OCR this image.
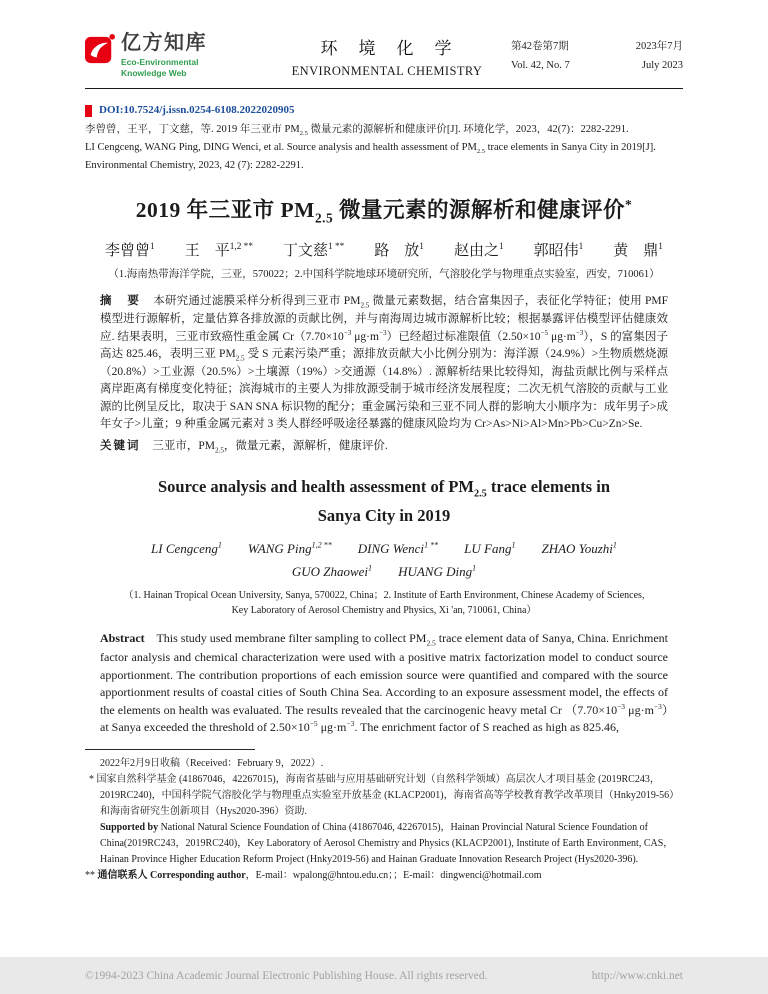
亿方知库
Eco-Environmental
Knowledge Web
环　境　化　学
ENVIRONMENTAL CHEMISTRY
第42卷第7期	2023年7月
Vol. 42, No. 7	July 2023
DOI:10.7524/j.issn.0254-6108.2022020905
李曾曾，王平，丁文慈，等. 2019 年三亚市 $PM_{2.5}$ 微量元素的源解析和健康评价[J]. 环境化学，2023，42(7)：2282-2291.
LI Cengceng, WANG Ping, DING Wenci, et al. Source analysis and health assessment of $PM_{2.5}$ trace elements in Sanya City in 2019[J]. Environmental Chemistry, 2023, 42 (7): 2282-2291.
2019 年三亚市 $PM_{2.5}$ 微量元素的源解析和健康评价*
李曾曾$^1$　　王　平$^{1,2 **}$　　丁文慈$^{1 **}$　　路　放$^1$　　赵由之$^1$　　郭昭伟$^1$　　黄　鼎$^1$
（1.海南热带海洋学院，三亚，570022；2.中国科学院地球环境研究所，气溶胶化学与物理重点实验室，西安，710061）

摘　要 本研究通过滤膜采样分析得到三亚市 $PM_{2.5}$ 微量元素数据，结合富集因子，表征化学特征；使用 PMF 模型进行源解析，定量估算各排放源的贡献比例，并与南海周边城市源解析比较；根据暴露评估模型评估健康效应. 结果表明，三亚市致癌性重金属 $Cr(7.70\times 10^{-3}$ $\mu g\cdot m^{-3}$）已经超过标准限值（$2.50\times 10^{-5}$ $\mu g\cdot m^{-3}$），S 的富集因子高达 825.46，表明三亚 $PM_{2.5}$ 受 S 元素污染严重；源排放贡献大小比例分别为：海洋源（24.9%）>生物质燃烧源（20.8%）>工业源（20.5%）>土壤源（19%）>交通源（14.8%）. 源解析结果比较得知，海盐贡献比例与采样点离岸距离有梯度变化特征；滨海城市的主要人为排放源受制于城市经济发展程度；二次无机气溶胶的贡献与工业源的比例呈反比，取决于 SAN SNA 标识物的配分；重金属污染和三亚不同人群的影响大小顺序为：成年男子>成年女子>儿童；9 种重金属元素对 3 类人群经呼吸途径暴露的健康风险均为 Cr>As>Ni>Al>Mn>Pb>Cu>Zn>Se.

关键词 三亚市，$PM_{2.5}$，微量元素，源解析，健康评价.

Source analysis and health assessment of $PM_{2.5}$ trace elements in
Sanya City in 2019
LI Cengceng$^1$　　WANG Ping$^{1,2 **}$　　DING Wenci$^{1 **}$　　LU Fang$^1$　　ZHAO Youzhi$^1$
GUO Zhaowei$^1$　　HUANG Ding$^1$
（1. Hainan Tropical Ocean University, Sanya, 570022, China；2. Institute of Earth Environment, Chinese Academy of Sciences,
Key Laboratory of Aerosol Chemistry and Physics, Xi 'an, 710061, China）

Abstract This study used membrane filter sampling to collect $PM_{2.5}$ trace element data of Sanya, China. Enrichment factor analysis and chemical characterization were used with a positive matrix factorization model to conduct source apportionment. The contribution proportions of each emission source were quantified and compared with the source apportionment results of coastal cities of South China Sea. According to an exposure assessment model, the effects of the elements on health was evaluated. The results revealed that the carcinogenic heavy metal Cr （$7.70\times 10^{-3}$ $\mu g\cdot m^{-3})at$ Sanya exceeded the threshold of $2.50\times 10^{-5}$ $\mu g\cdot m^{-3}$. The enrichment factor of S reached as high as 825.46,

2022年2月9日收稿（Received：February 9，2022）.
* 国家自然科学基金 (41867046，42267015)，海南省基础与应用基础研究计划（自然科学领域）高层次人才项目基金 (2019RC243，2019RC240)，中国科学院气溶胶化学与物理重点实验室开放基金 (KLACP2001)，海南省高等学校教育教学改革项目（Hnky2019-56）和海南省研究生创新项目（Hys2020-396）资助.
Supported by National Natural Science Foundation of China (41867046, 42267015)，Hainan Provincial Natural Science Foundation of China(2019RC243，2019RC240)，Key Laboratory of Aerosol Chemistry and Physics (KLACP2001), Institute of Earth Environment, CAS，Hainan Province Higher Education Reform Project (Hnky2019-56) and Hainan Graduate Innovation Research Project (Hys2020-396).
** 通信联系人 Corresponding author，E-mail：wpalong@hntou.edu.cn；；E-mail：dingwenci@hotmail.com
©1994-2023 China Academic Journal Electronic Publishing House. All rights reserved.	http://www.cnki.net
